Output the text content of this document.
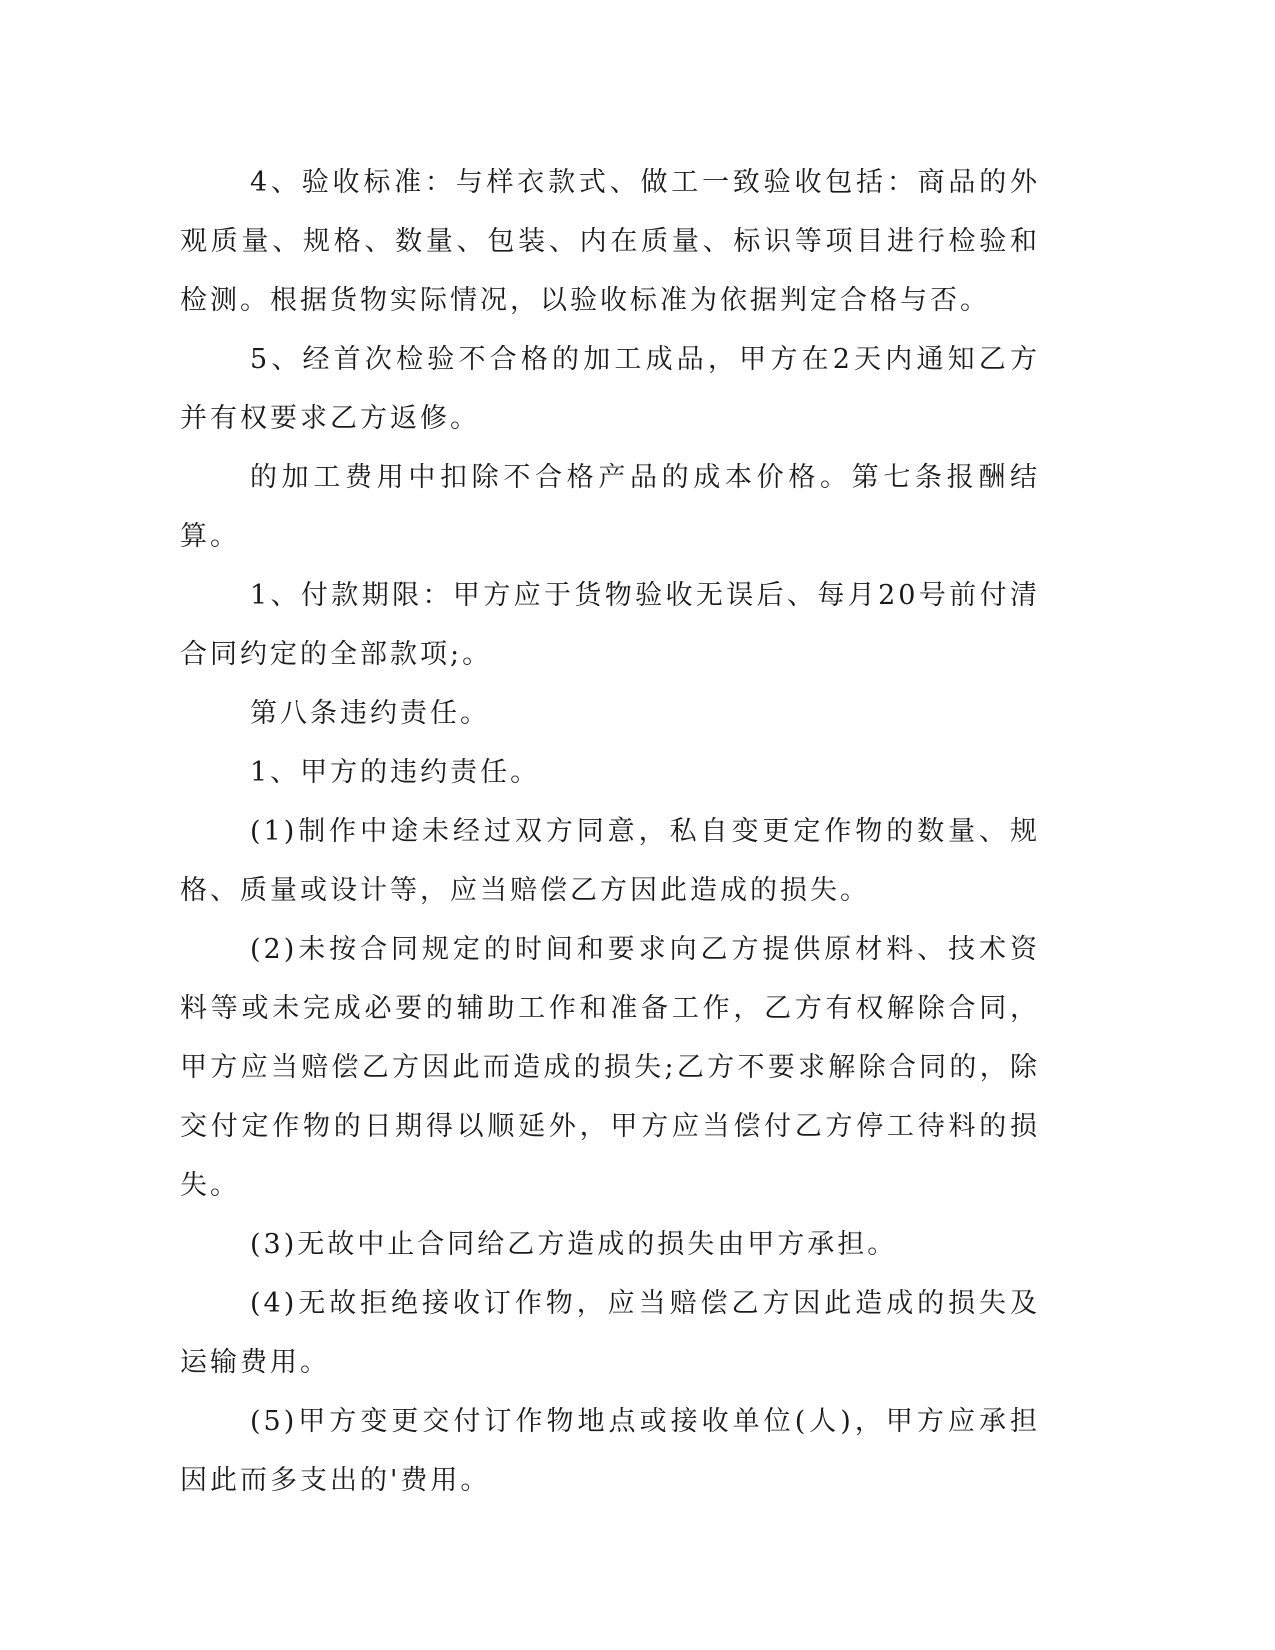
4、验收标准：与样衣款式、做工一致验收包括：商品的外观质量、规格、数量、包装、内在质量、标识等项目进行检验和检测。根据货物实际情况，以验收标准为依据判定合格与否。

5、经首次检验不合格的加工成品，甲方在2天内通知乙方并有权要求乙方返修。

的加工费用中扣除不合格产品的成本价格。第七条报酬结算。

1、付款期限：甲方应于货物验收无误后、每月20号前付清合同约定的全部款项;。

第八条违约责任。

1、甲方的违约责任。

(1)制作中途未经过双方同意，私自变更定作物的数量、规格、质量或设计等，应当赔偿乙方因此造成的损失。

(2)未按合同规定的时间和要求向乙方提供原材料、技术资料等或未完成必要的辅助工作和准备工作，乙方有权解除合同，甲方应当赔偿乙方因此而造成的损失;乙方不要求解除合同的，除交付定作物的日期得以顺延外，甲方应当偿付乙方停工待料的损失。

(3)无故中止合同给乙方造成的损失由甲方承担。

(4)无故拒绝接收订作物，应当赔偿乙方因此造成的损失及运输费用。

(5)甲方变更交付订作物地点或接收单位(人)，甲方应承担因此而多支出的'费用。
